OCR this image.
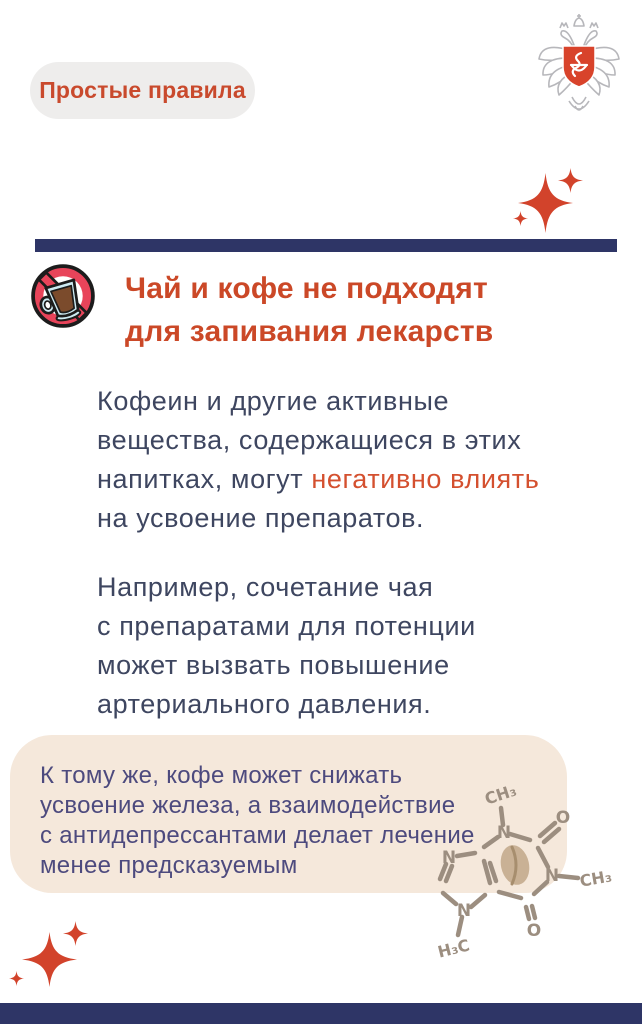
Простые правила
Чай и кофе не подходят
для запивания лекарств
Кофеин и другие активные
вещества, содержащиеся в этих
напитках, могут негативно влиять
на усвоение препаратов.
Например, сочетание чая
с препаратами для потенции
может вызвать повышение
артериального давления.
К тому же, кофе может снижать
усвоение железа, а взаимодействие
с антидепрессантами делает лечение
менее предсказуемым
N
N
N
N
O
O
CH₃
CH₃
H₃C
